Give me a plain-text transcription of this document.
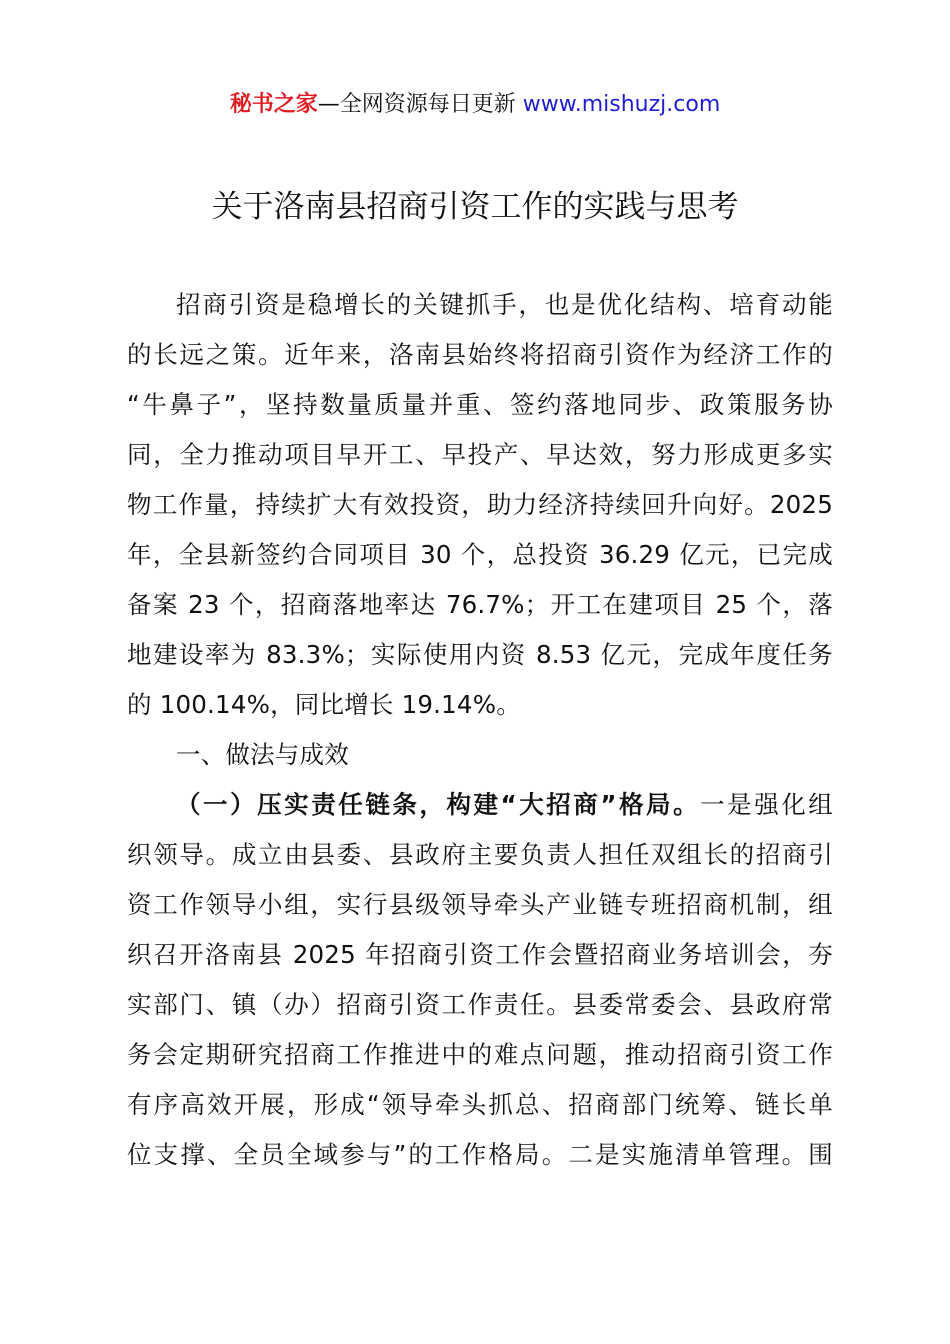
秘书之家—全网资源每日更新 www.mishuzj.com
关于洛南县招商引资工作的实践与思考
招商引资是稳增长的关键抓手，也是优化结构、培育动能
的长远之策。近年来，洛南县始终将招商引资作为经济工作的
“牛鼻子”，坚持数量质量并重、签约落地同步、政策服务协
同，全力推动项目早开工、早投产、早达效，努力形成更多实
物工作量，持续扩大有效投资，助力经济持续回升向好。2025
年，全县新签约合同项目 30 个，总投资 36.29 亿元，已完成
备案 23 个，招商落地率达 76.7%；开工在建项目 25 个，落
地建设率为 83.3%；实际使用内资 8.53 亿元，完成年度任务
的 100.14%，同比增长 19.14%。
一、做法与成效
（一）压实责任链条，构建“大招商”格局。一是强化组
织领导。成立由县委、县政府主要负责人担任双组长的招商引
资工作领导小组，实行县级领导牵头产业链专班招商机制，组
织召开洛南县 2025 年招商引资工作会暨招商业务培训会，夯
实部门、镇（办）招商引资工作责任。县委常委会、县政府常
务会定期研究招商工作推进中的难点问题，推动招商引资工作
有序高效开展，形成“领导牵头抓总、招商部门统筹、链长单
位支撑、全员全域参与”的工作格局。二是实施清单管理。围
